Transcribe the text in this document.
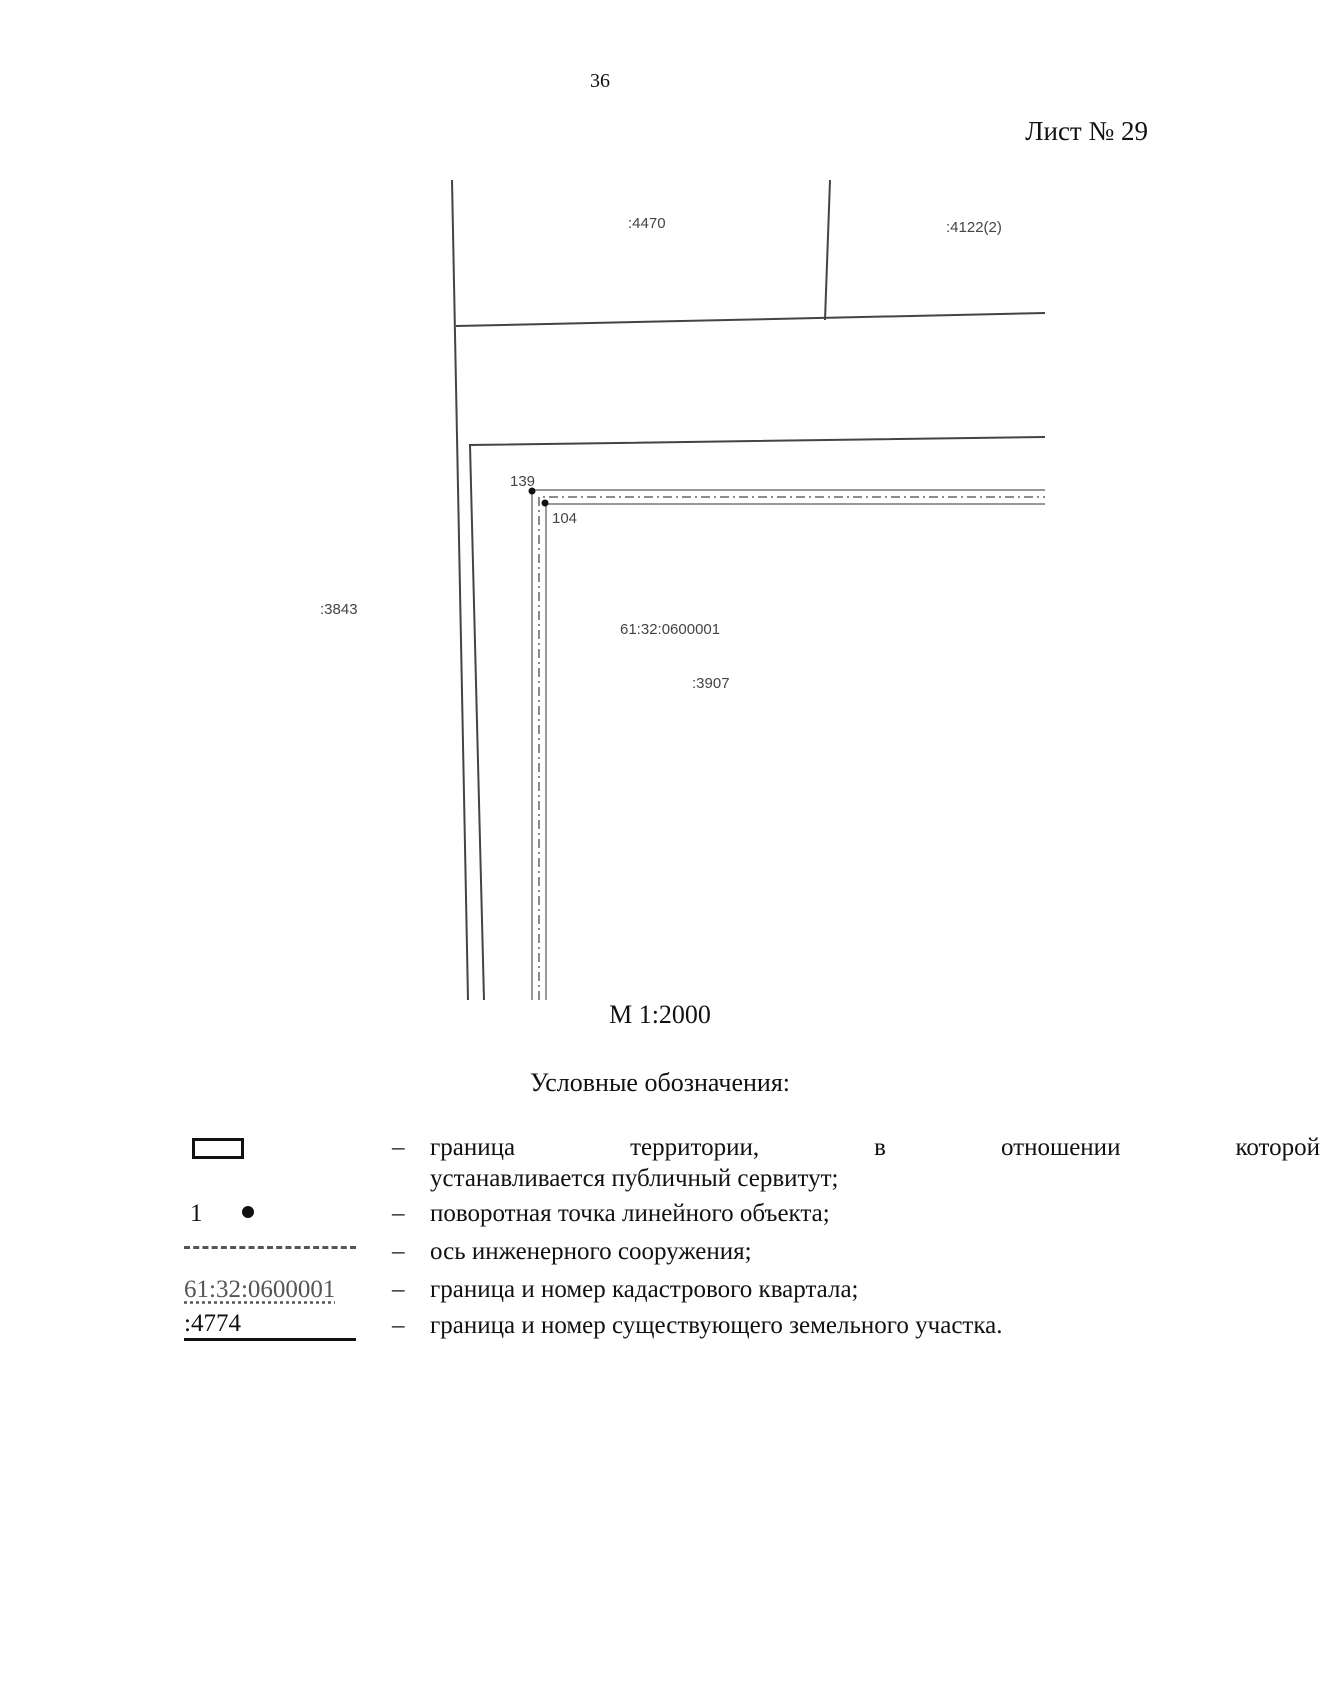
36
Лист № 29
139
104
:4470	:4122(2)
:3843
61:32:0600001
:3907
М 1:2000
Условные обозначения:
– граница территории, в отношении которой
устанавливается публичный сервитут;
1	– поворотная точка линейного объекта;
– ось инженерного сооружения;
61:32:0600001 – граница и номер кадастрового квартала;
:4774	– граница и номер существующего земельного участка.
